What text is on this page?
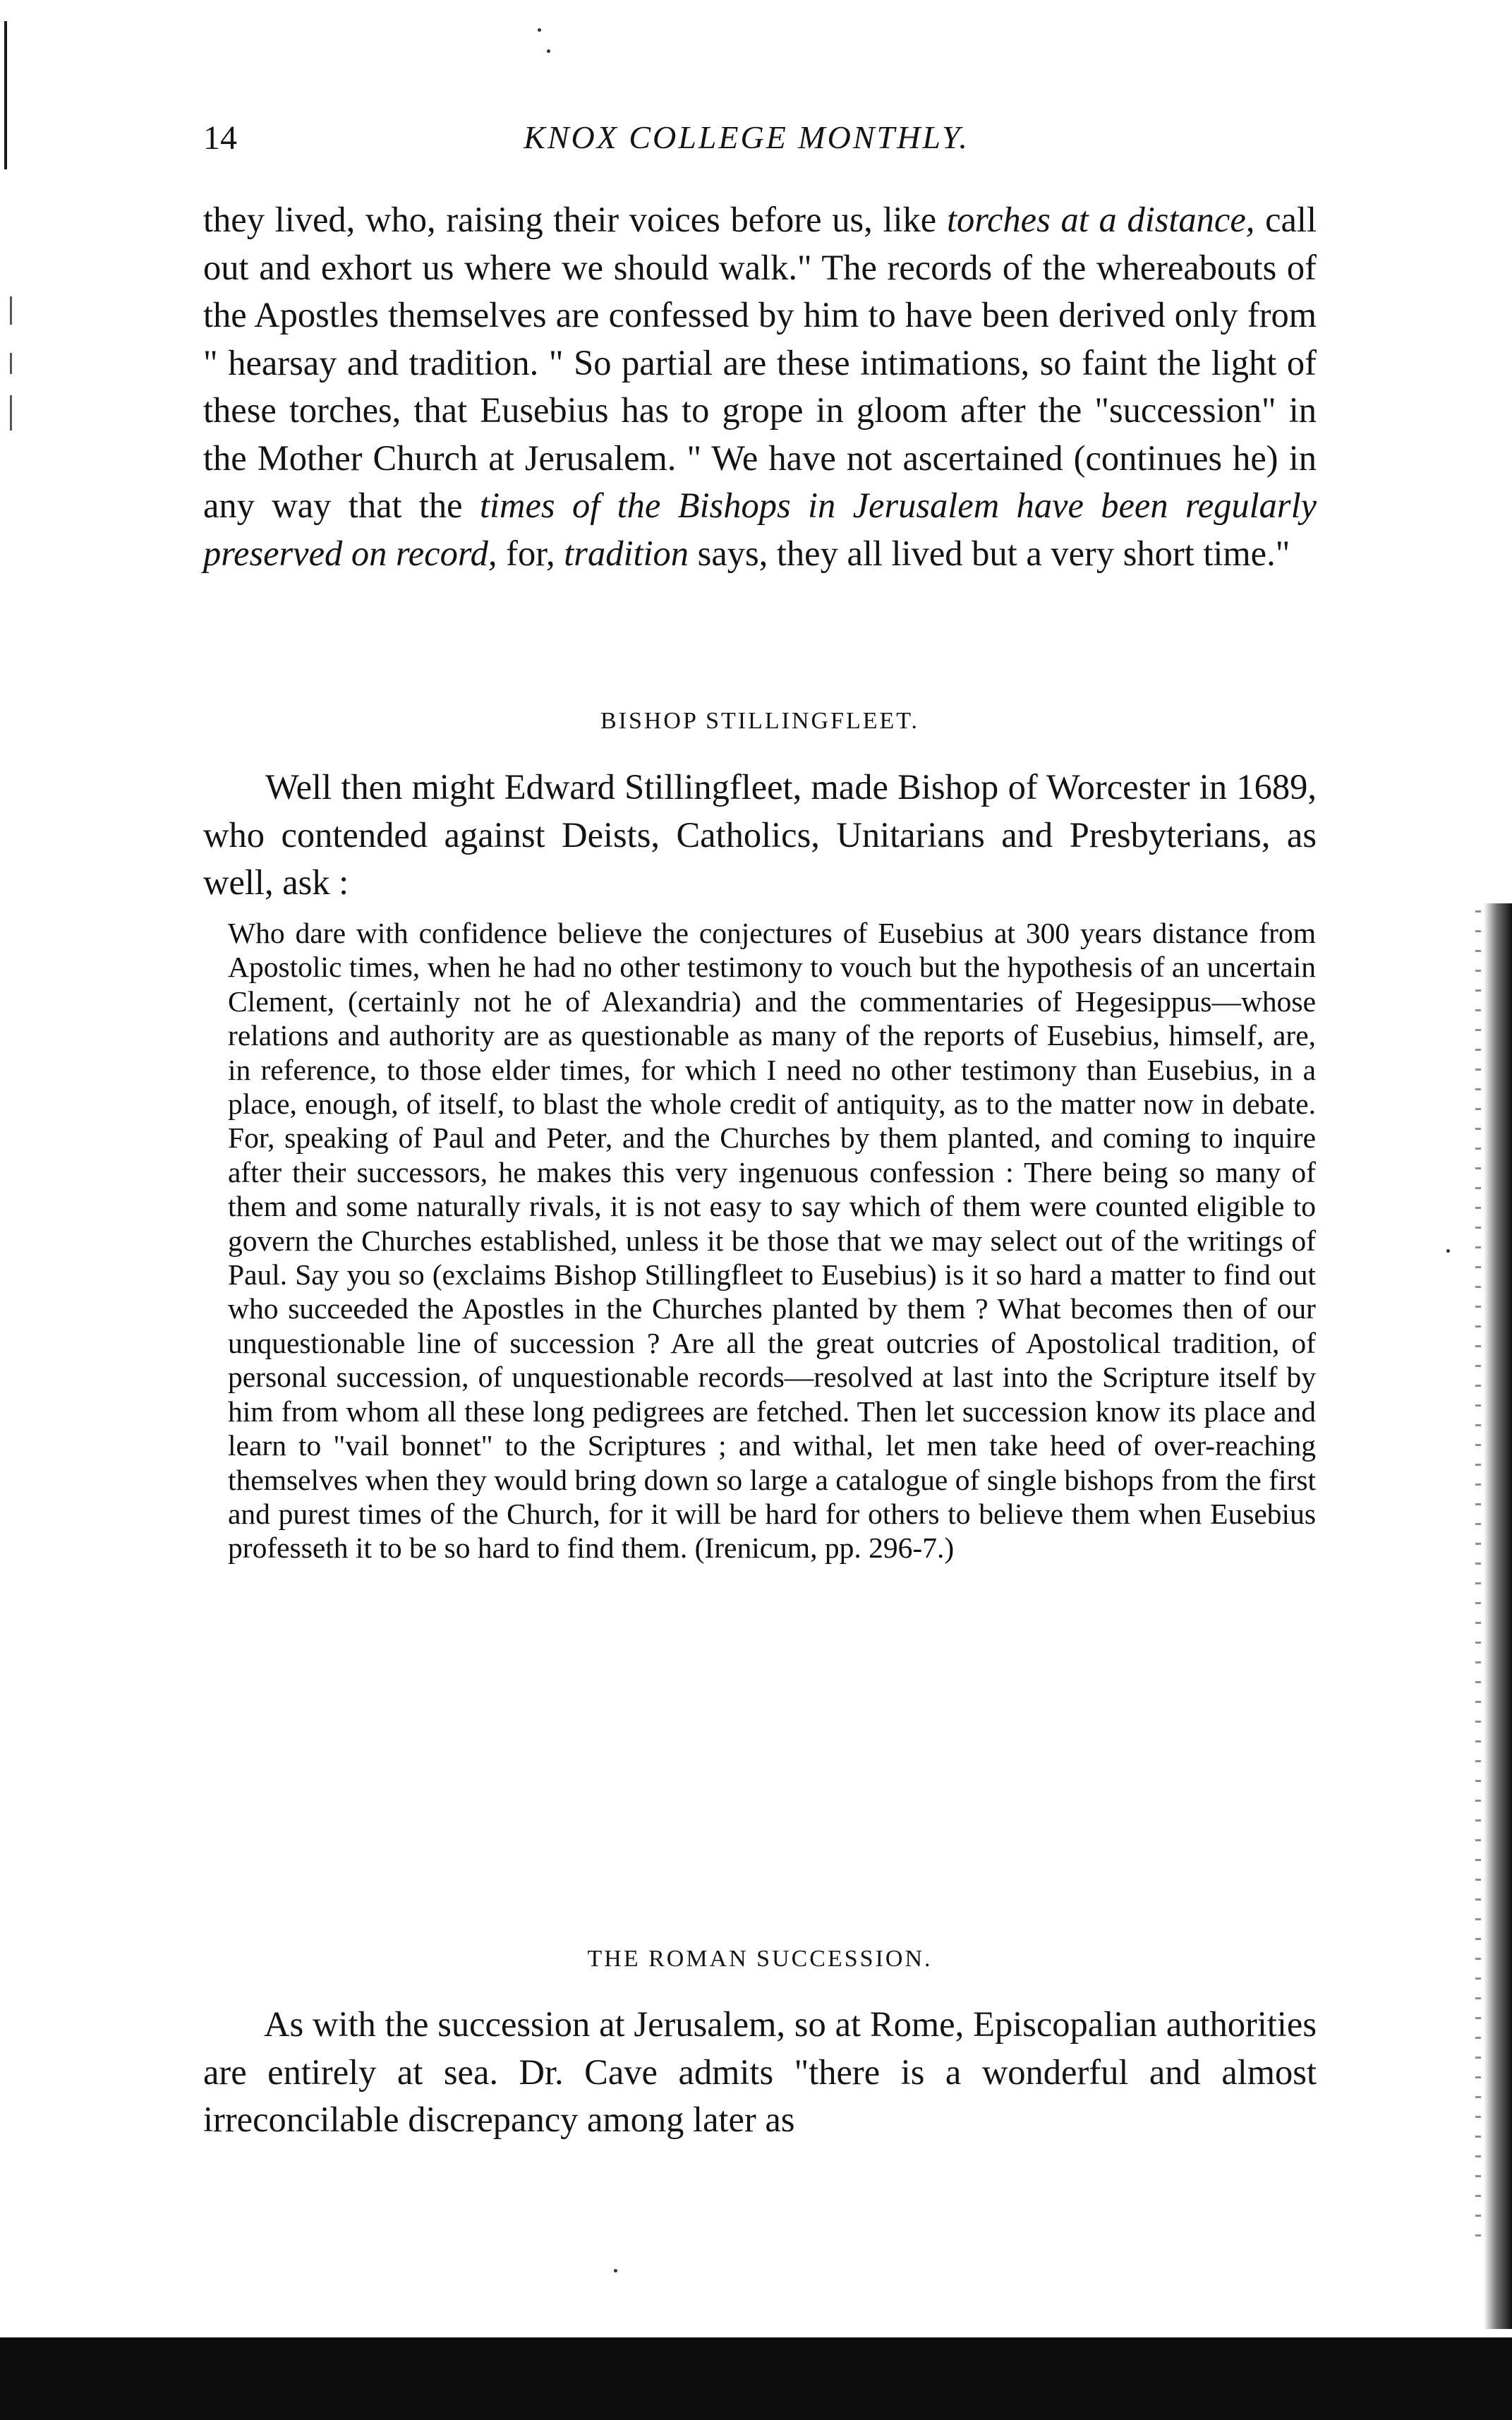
14	KNOX COLLEGE MONTHLY.

they lived, who, raising their voices before us, like torches at a distance, call out and exhort us where we should walk." The records of the whereabouts of the Apostles themselves are confessed by him to have been derived only from " hearsay and tradition. " So partial are these intimations, so faint the light of these torches, that Eusebius has to grope in gloom after the "succession" in the Mother Church at Jerusalem. " We have not ascertained (continues he) in any way that the times of the Bishops in Jerusalem have been regularly preserved on record, for, tradition says, they all lived but a very short time."

BISHOP STILLINGFLEET.

Well then might Edward Stillingfleet, made Bishop of Worcester in 1689, who contended against Deists, Catholics, Unitarians and Presbyterians, as well, ask :

Who dare with confidence believe the conjectures of Eusebius at 300 years distance from Apostolic times, when he had no other testimony to vouch but the hypothesis of an uncertain Clement, (certainly not he of Alexandria) and the commentaries of Hegesippus—whose relations and authority are as questionable as many of the reports of Eusebius, himself, are, in reference, to those elder times, for which I need no other testimony than Eusebius, in a place, enough, of itself, to blast the whole credit of antiquity, as to the matter now in debate. For, speaking of Paul and Peter, and the Churches by them planted, and coming to inquire after their successors, he makes this very ingenuous confession : There being so many of them and some naturally rivals, it is not easy to say which of them were counted eligible to govern the Churches established, unless it be those that we may select out of the writings of Paul. Say you so (exclaims Bishop Stillingfleet to Eusebius) is it so hard a matter to find out who succeeded the Apostles in the Churches planted by them ? What becomes then of our unquestionable line of succession ? Are all the great outcries of Apostolical tradition, of personal succession, of unquestionable records—resolved at last into the Scripture itself by him from whom all these long pedigrees are fetched. Then let succession know its place and learn to "vail bonnet" to the Scriptures ; and withal, let men take heed of over-reaching themselves when they would bring down so large a catalogue of single bishops from the first and purest times of the Church, for it will be hard for others to believe them when Eusebius professeth it to be so hard to find them. (Irenicum, pp. 296-7.)

THE ROMAN SUCCESSION.

As with the succession at Jerusalem, so at Rome, Episcopalian authorities are entirely at sea. Dr. Cave admits "there is a wonderful and almost irreconcilable discrepancy among later as
